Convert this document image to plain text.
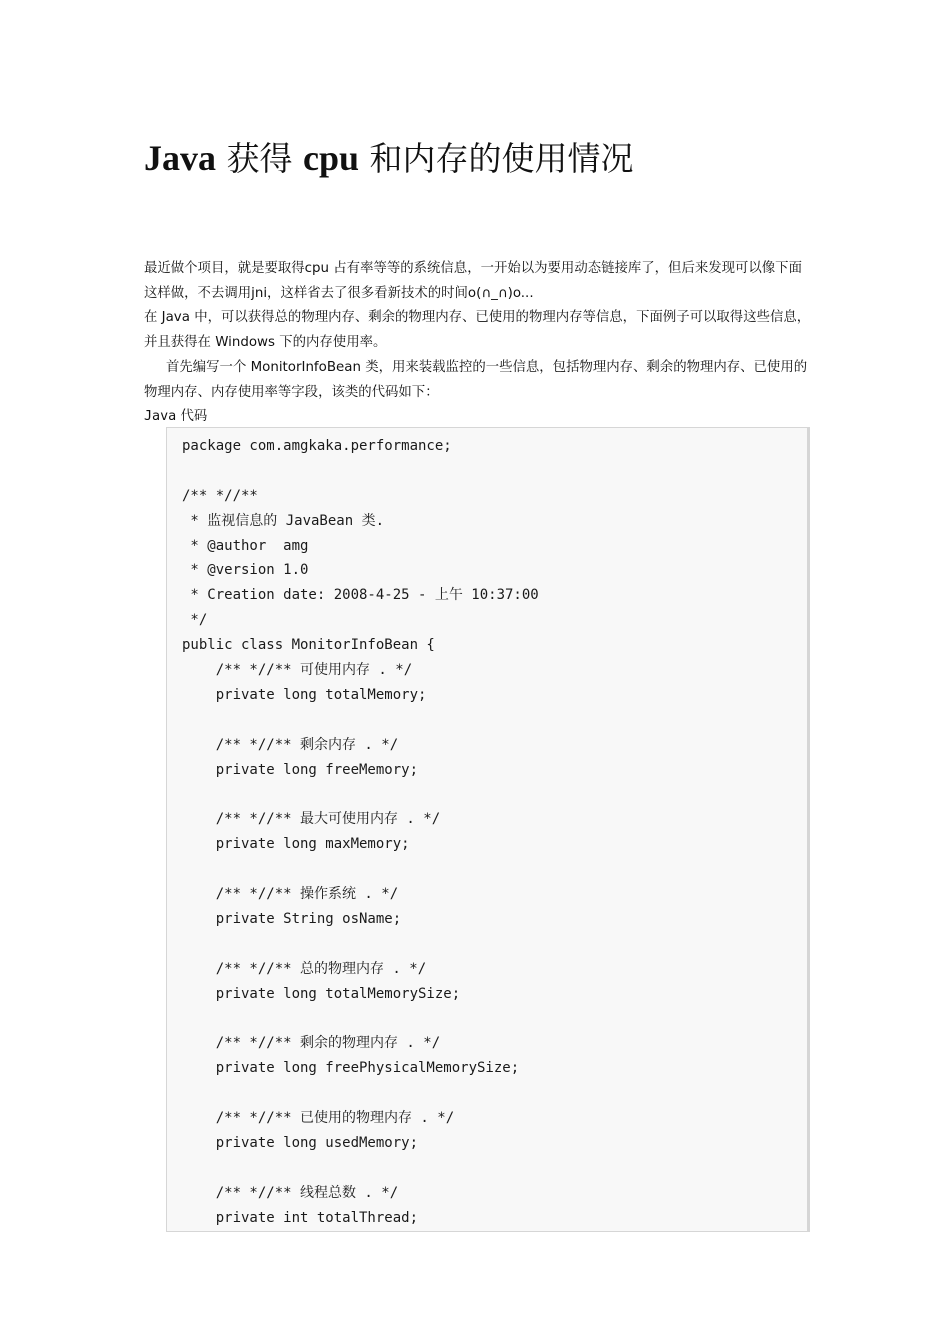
Java 获得 cpu 和内存的使用情况

最近做个项目，就是要取得cpu 占有率等等的系统信息，一开始以为要用动态链接库了，但后来发现可以像下面这样做，不去调用jni，这样省去了很多看新技术的时间o(∩_∩)o...

在 Java 中，可以获得总的物理内存、剩余的物理内存、已使用的物理内存等信息，下面例子可以取得这些信息，并且获得在 Windows 下的内存使用率。

首先编写一个 MonitorInfoBean 类，用来装载监控的一些信息，包括物理内存、剩余的物理内存、已使用的物理内存、内存使用率等字段，该类的代码如下：

Java 代码
package com.amgkaka.performance;
/** *//**
* 监视信息的 JavaBean 类.
* @author  amg
* @version 1.0
* Creation date: 2008-4-25 - 上午 10:37:00
*/
public class MonitorInfoBean {
/** *//** 可使用内存 . */
private long totalMemory;
/** *//** 剩余内存 . */
private long freeMemory;
/** *//** 最大可使用内存 . */
private long maxMemory;
/** *//** 操作系统 . */
private String osName;
/** *//** 总的物理内存 . */
private long totalMemorySize;
/** *//** 剩余的物理内存 . */
private long freePhysicalMemorySize;
/** *//** 已使用的物理内存 . */
private long usedMemory;
/** *//** 线程总数 . */
private int totalThread;
